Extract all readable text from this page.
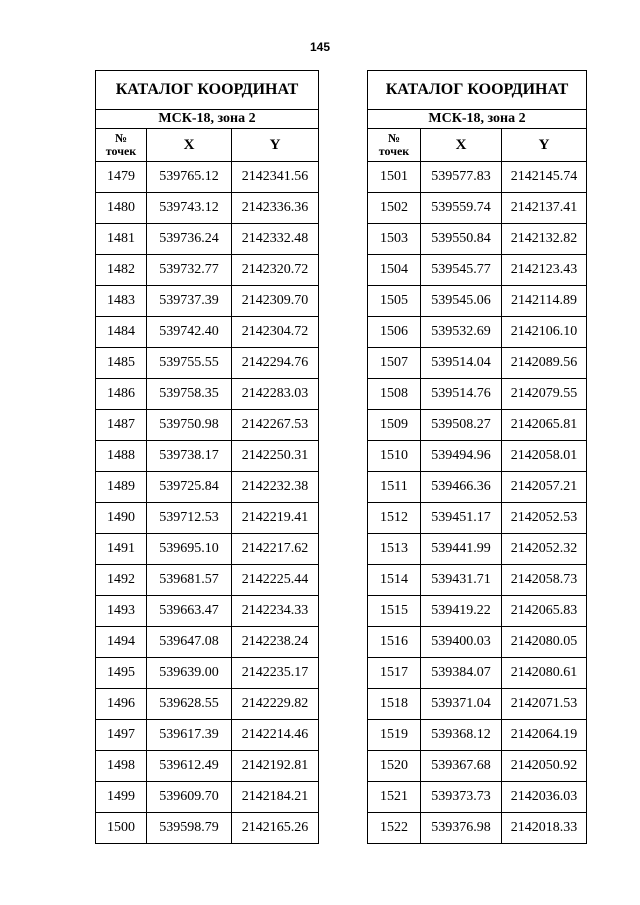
145
КАТАЛОГ КООРДИНАТ		
МСК-18, зона 2		

№
точек	X	Y
1479	539765.12	2142341.56
1480	539743.12	2142336.36
1481	539736.24	2142332.48
1482	539732.77	2142320.72
1483	539737.39	2142309.70
1484	539742.40	2142304.72
1485	539755.55	2142294.76
1486	539758.35	2142283.03
1487	539750.98	2142267.53
1488	539738.17	2142250.31
1489	539725.84	2142232.38
1490	539712.53	2142219.41
1491	539695.10	2142217.62
1492	539681.57	2142225.44
1493	539663.47	2142234.33
1494	539647.08	2142238.24
1495	539639.00	2142235.17
1496	539628.55	2142229.82
1497	539617.39	2142214.46
1498	539612.49	2142192.81
1499	539609.70	2142184.21
1500	539598.79	2142165.26
КАТАЛОГ КООРДИНАТ		
МСК-18, зона 2		

№
точек	X	Y
1501	539577.83	2142145.74
1502	539559.74	2142137.41
1503	539550.84	2142132.82
1504	539545.77	2142123.43
1505	539545.06	2142114.89
1506	539532.69	2142106.10
1507	539514.04	2142089.56
1508	539514.76	2142079.55
1509	539508.27	2142065.81
1510	539494.96	2142058.01
1511	539466.36	2142057.21
1512	539451.17	2142052.53
1513	539441.99	2142052.32
1514	539431.71	2142058.73
1515	539419.22	2142065.83
1516	539400.03	2142080.05
1517	539384.07	2142080.61
1518	539371.04	2142071.53
1519	539368.12	2142064.19
1520	539367.68	2142050.92
1521	539373.73	2142036.03
1522	539376.98	2142018.33
